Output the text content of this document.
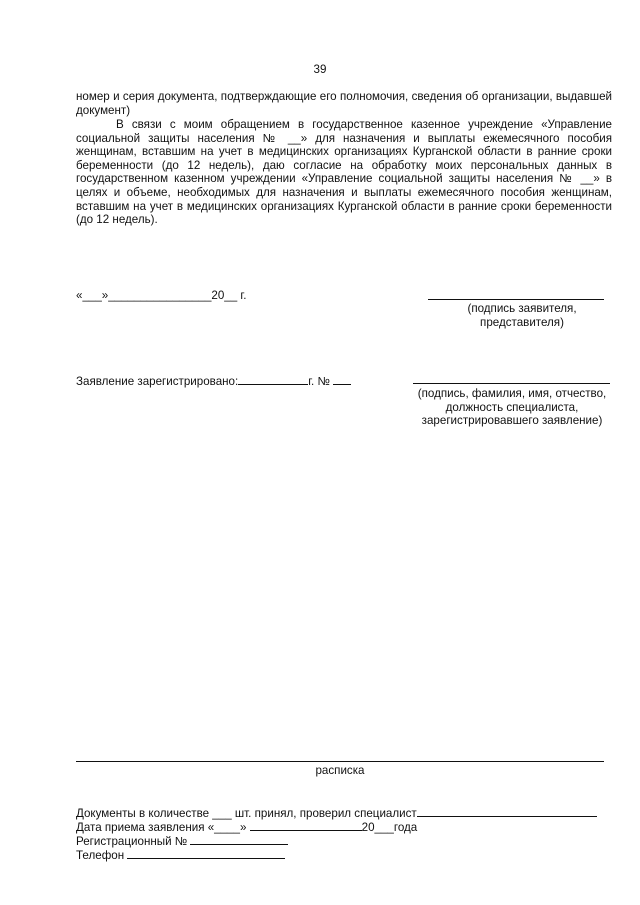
39
номер и серия документа, подтверждающие его полномочия, сведения об организации, выдавшей документ)
В связи с моим обращением в государственное казенное учреждение «Управление социальной защиты населения № __» для назначения и выплаты ежемесячного пособия женщинам, вставшим на учет в медицинских организациях Курганской области в ранние сроки беременности (до 12 недель), даю согласие на обработку моих персональных данных в государственном казенном учреждении «Управление социальной защиты населения № __» в целях и объеме, необходимых для назначения и выплаты ежемесячного пособия женщинам, вставшим на учет в медицинских организациях Курганской области в ранние сроки беременности (до 12 недель).
«___»________________20__ г.
(подпись заявителя, представителя)
Заявление зарегистрировано:	г. №
(подпись, фамилия, имя, отчество, должность специалиста, зарегистрировавшего заявление)
расписка
Документы в количестве ___ шт. принял, проверил специалист
Дата приема заявления «____»	20___года
Регистрационный №
Телефон
